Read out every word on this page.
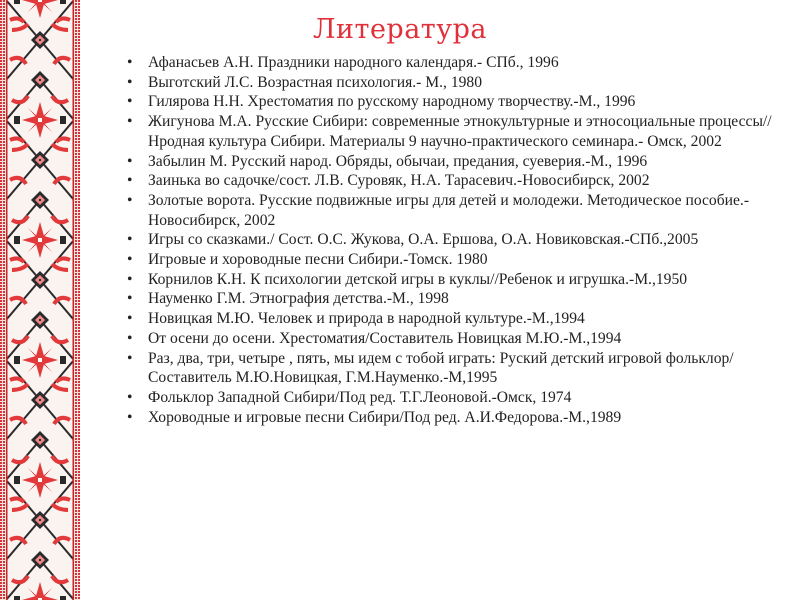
Литература
• Афанасьев А.Н. Праздники народного календаря.- СПб., 1996
• Выготский Л.С. Возрастная психология.- М., 1980
• Гилярова Н.Н. Хрестоматия по русскому народному творчеству.-М., 1996
• Жигунова М.А. Русские Сибири: современные этнокультурные и этносоциальные процессы//Нродная культура Сибири. Материалы 9 научно-практического семинара.- Омск, 2002
• Забылин М. Русский народ. Обряды, обычаи, предания, суеверия.-М., 1996
• Заинька во садочке/сост. Л.В. Суровяк, Н.А. Тарасевич.-Новосибирск, 2002
• Золотые ворота. Русские подвижные игры для детей и молодежи. Методическое пособие.-Новосибирск, 2002
• Игры со сказками./ Сост. О.С. Жукова, О.А. Ершова, О.А. Новиковская.-СПб.,2005
• Игровые и хороводные песни Сибири.-Томск. 1980
• Корнилов К.Н. К психологии детской игры в куклы//Ребенок и игрушка.-М.,1950
• Науменко Г.М. Этнография детства.-М., 1998
• Новицкая М.Ю. Человек и природа в народной культуре.-М.,1994
• От осени до осени. Хрестоматия/Составитель Новицкая М.Ю.-М.,1994
• Раз, два, три, четыре , пять, мы идем с тобой играть: Руский детский игровой фольклор/Составитель М.Ю.Новицкая, Г.М.Науменко.-М,1995
• Фольклор Западной Сибири/Под ред. Т.Г.Леоновой.-Омск, 1974
• Хороводные и игровые песни Сибири/Под ред. А.И.Федорова.-М.,1989
